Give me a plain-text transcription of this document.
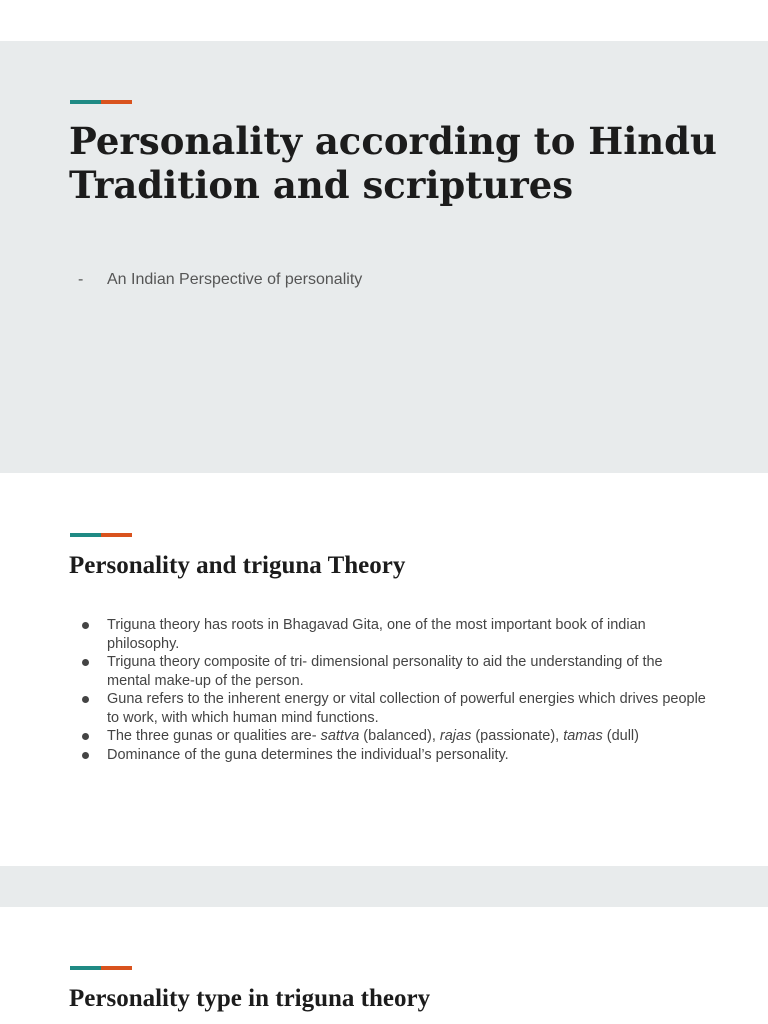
Personality according to Hindu Tradition and scriptures
-	An Indian Perspective of personality
Personality and triguna Theory
Triguna theory has roots in Bhagavad Gita, one of the most important book of indian philosophy.
Triguna theory composite of tri- dimensional personality to aid the understanding of the mental make-up of the person.
Guna refers to the inherent energy or vital collection of powerful energies which drives people to work, with which human mind functions.
The three gunas or qualities are- sattva (balanced), rajas (passionate), tamas (dull)
Dominance of the guna determines the individual’s personality.
Personality type in triguna theory
